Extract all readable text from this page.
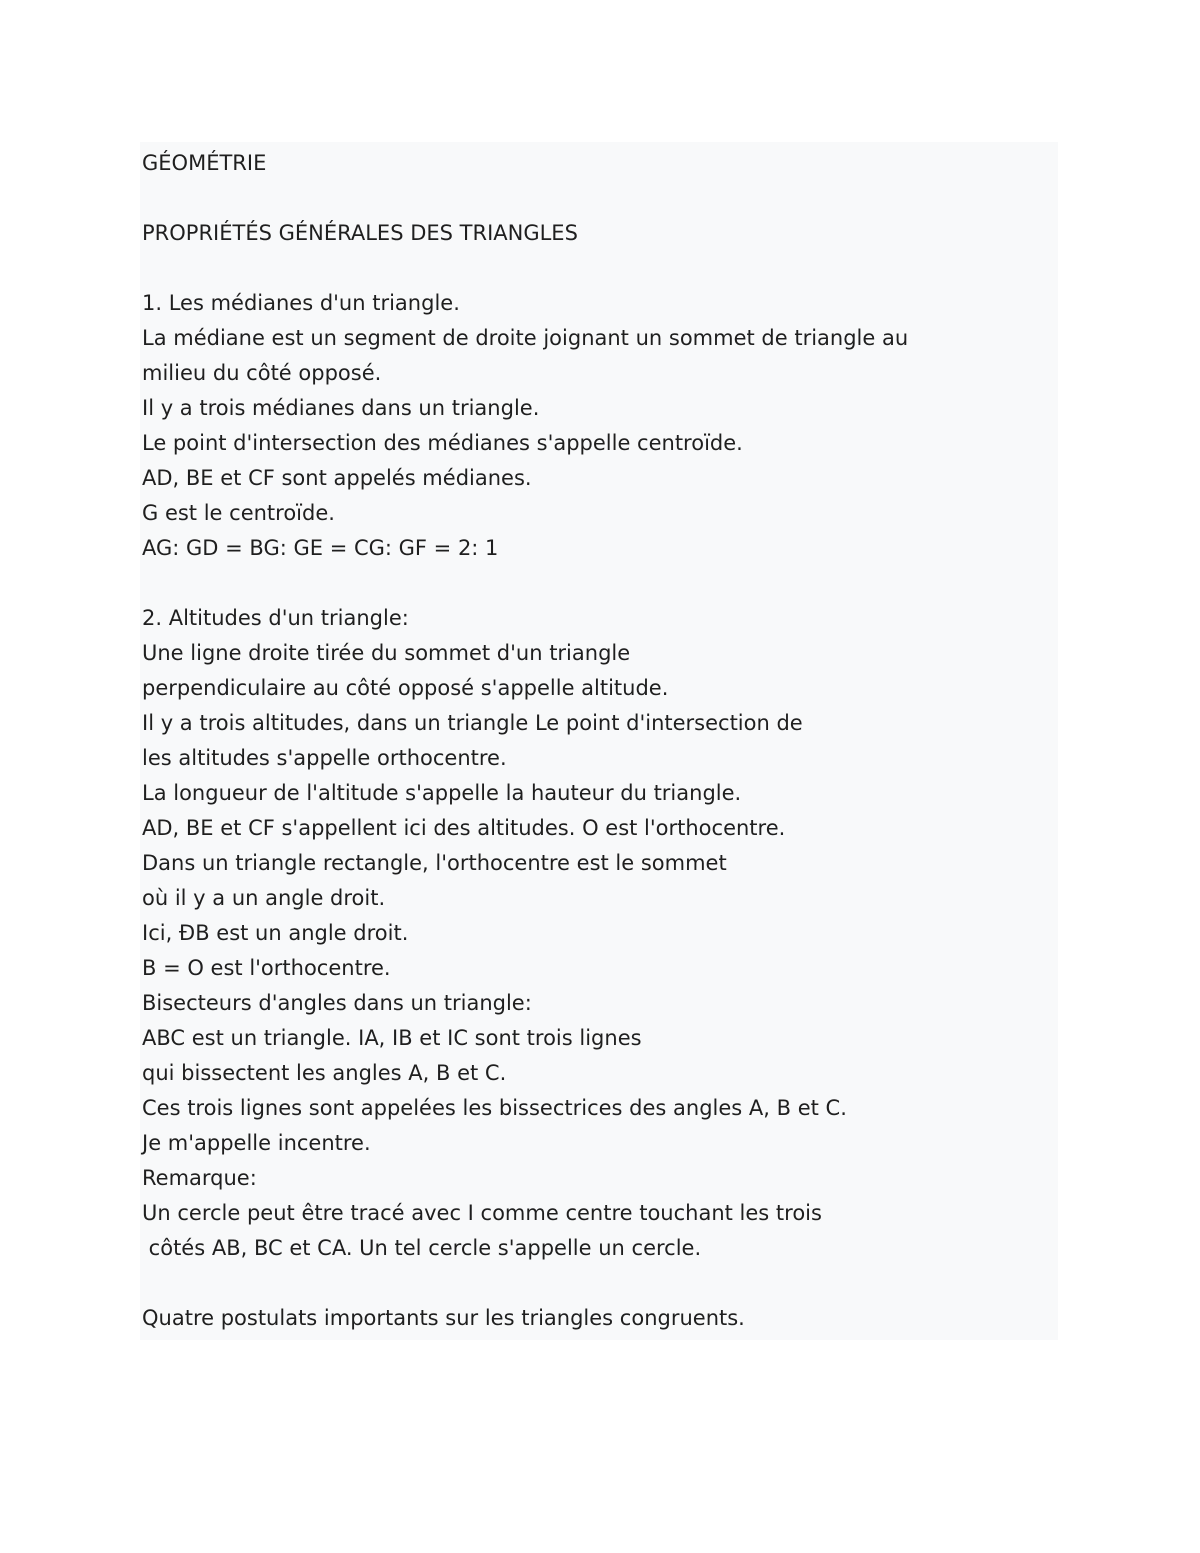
GÉOMÉTRIE
PROPRIÉTÉS GÉNÉRALES DES TRIANGLES
1. Les médianes d'un triangle.
La médiane est un segment de droite joignant un sommet de triangle au
milieu du côté opposé.
Il y a trois médianes dans un triangle.
Le point d'intersection des médianes s'appelle centroïde.
AD, BE et CF sont appelés médianes.
G est le centroïde.
AG: GD = BG: GE = CG: GF = 2: 1
2. Altitudes d'un triangle:
Une ligne droite tirée du sommet d'un triangle
perpendiculaire au côté opposé s'appelle altitude.
Il y a trois altitudes, dans un triangle Le point d'intersection de
les altitudes s'appelle orthocentre.
La longueur de l'altitude s'appelle la hauteur du triangle.
AD, BE et CF s'appellent ici des altitudes. O est l'orthocentre.
Dans un triangle rectangle, l'orthocentre est le sommet
où il y a un angle droit.
Ici, ÐB est un angle droit.
B = O est l'orthocentre.
Bisecteurs d'angles dans un triangle:
ABC est un triangle. IA, IB et IC sont trois lignes
qui bissectent les angles A, B et C.
Ces trois lignes sont appelées les bissectrices des angles A, B et C.
Je m'appelle incentre.
Remarque:
Un cercle peut être tracé avec I comme centre touchant les trois
côtés AB, BC et CA. Un tel cercle s'appelle un cercle.
Quatre postulats importants sur les triangles congruents.
